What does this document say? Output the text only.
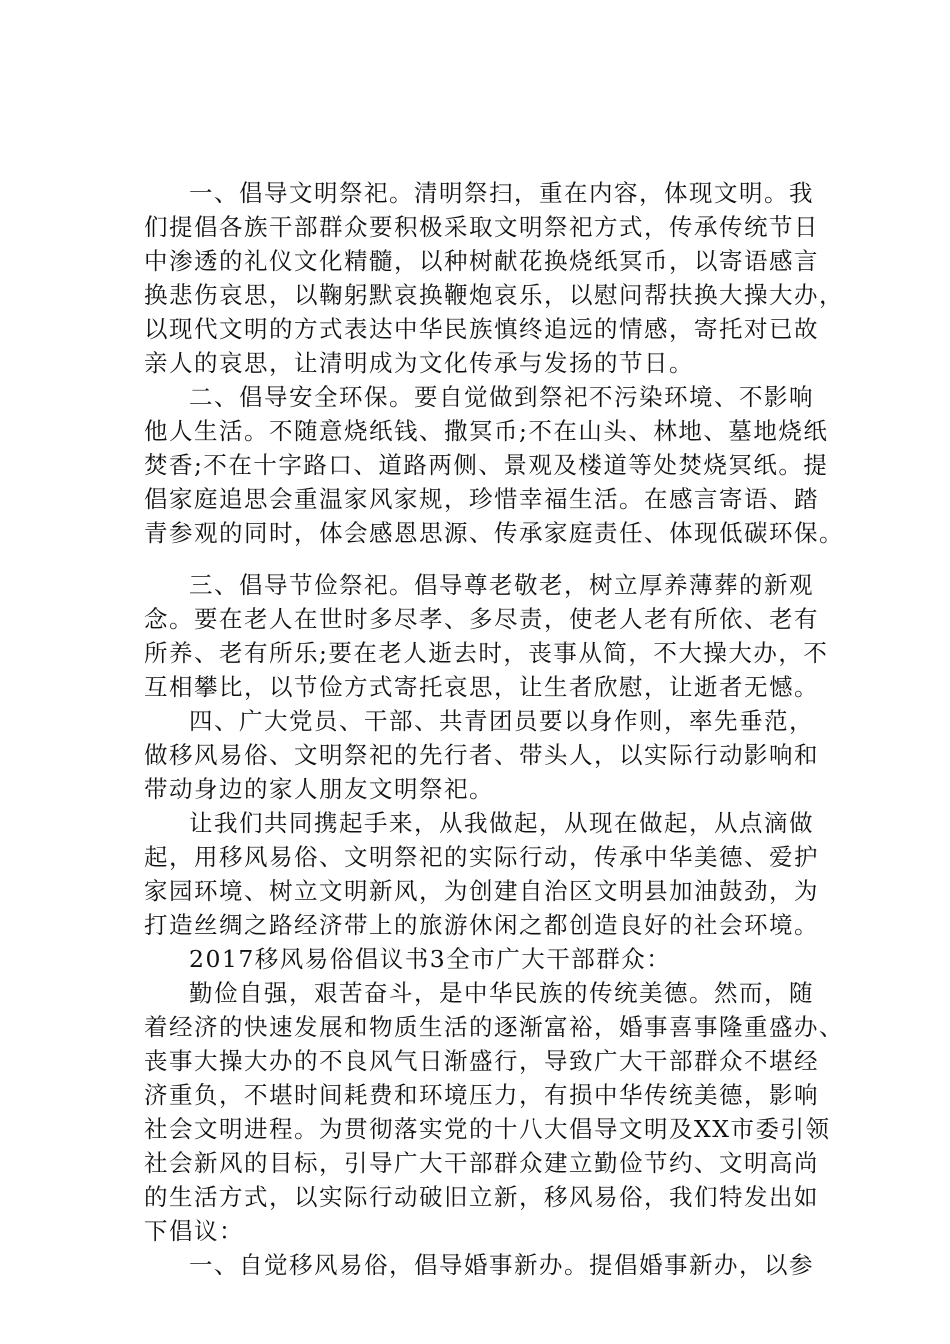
一、倡导文明祭祀。清明祭扫，重在内容，体现文明。我
们提倡各族干部群众要积极采取文明祭祀方式，传承传统节日
中渗透的礼仪文化精髓，以种树献花换烧纸冥币，以寄语感言
换悲伤哀思，以鞠躬默哀换鞭炮哀乐，以慰问帮扶换大操大办，
以现代文明的方式表达中华民族慎终追远的情感，寄托对已故
亲人的哀思，让清明成为文化传承与发扬的节日。
二、倡导安全环保。要自觉做到祭祀不污染环境、不影响
他人生活。不随意烧纸钱、撒冥币;不在山头、林地、墓地烧纸
焚香;不在十字路口、道路两侧、景观及楼道等处焚烧冥纸。提
倡家庭追思会重温家风家规，珍惜幸福生活。在感言寄语、踏
青参观的同时，体会感恩思源、传承家庭责任、体现低碳环保。
三、倡导节俭祭祀。倡导尊老敬老，树立厚养薄葬的新观
念。要在老人在世时多尽孝、多尽责，使老人老有所依、老有
所养、老有所乐;要在老人逝去时，丧事从简，不大操大办，不
互相攀比，以节俭方式寄托哀思，让生者欣慰，让逝者无憾。
四、广大党员、干部、共青团员要以身作则，率先垂范，
做移风易俗、文明祭祀的先行者、带头人，以实际行动影响和
带动身边的家人朋友文明祭祀。
让我们共同携起手来，从我做起，从现在做起，从点滴做
起，用移风易俗、文明祭祀的实际行动，传承中华美德、爱护
家园环境、树立文明新风，为创建自治区文明县加油鼓劲，为
打造丝绸之路经济带上的旅游休闲之都创造良好的社会环境。
2017移风易俗倡议书3全市广大干部群众：
勤俭自强，艰苦奋斗，是中华民族的传统美德。然而，随
着经济的快速发展和物质生活的逐渐富裕，婚事喜事隆重盛办、
丧事大操大办的不良风气日渐盛行，导致广大干部群众不堪经
济重负，不堪时间耗费和环境压力，有损中华传统美德，影响
社会文明进程。为贯彻落实党的十八大倡导文明及XX市委引领
社会新风的目标，引导广大干部群众建立勤俭节约、文明高尚
的生活方式，以实际行动破旧立新，移风易俗，我们特发出如
下倡议：
一、自觉移风易俗，倡导婚事新办。提倡婚事新办，以参
